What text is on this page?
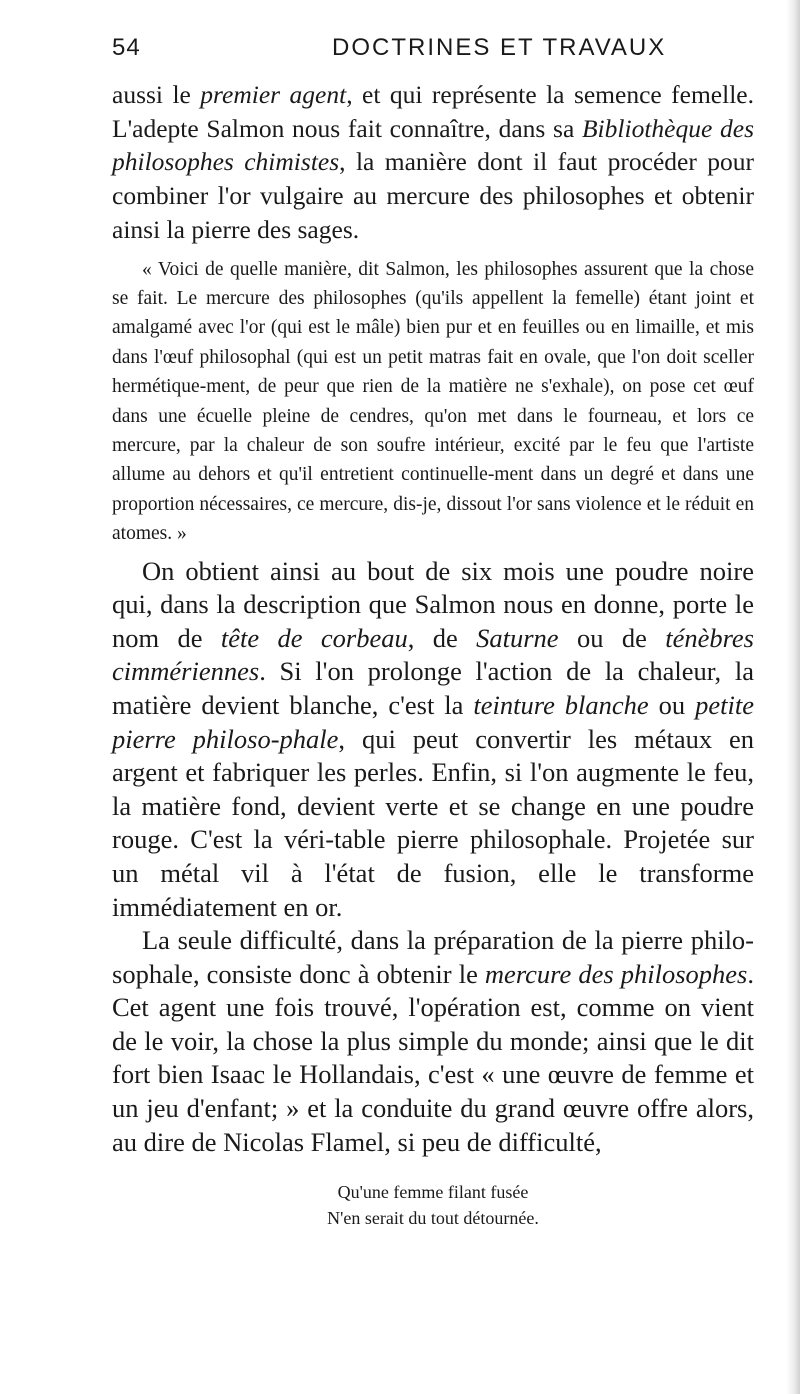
54	DOCTRINES ET TRAVAUX

aussi le premier agent, et qui représente la semence femelle. L'adepte Salmon nous fait connaître, dans sa Bibliothèque des philosophes chimistes, la manière dont il faut procéder pour combiner l'or vulgaire au mercure des philosophes et obtenir ainsi la pierre des sages.

« Voici de quelle manière, dit Salmon, les philosophes assurent que la chose se fait. Le mercure des philosophes (qu'ils appellent la femelle) étant joint et amalgamé avec l'or (qui est le mâle) bien pur et en feuilles ou en limaille, et mis dans l'œuf philosophal (qui est un petit matras fait en ovale, que l'on doit sceller hermétique-ment, de peur que rien de la matière ne s'exhale), on pose cet œuf dans une écuelle pleine de cendres, qu'on met dans le fourneau, et lors ce mercure, par la chaleur de son soufre intérieur, excité par le feu que l'artiste allume au dehors et qu'il entretient continuelle-ment dans un degré et dans une proportion nécessaires, ce mercure, dis-je, dissout l'or sans violence et le réduit en atomes. »

On obtient ainsi au bout de six mois une poudre noire qui, dans la description que Salmon nous en donne, porte le nom de tête de corbeau, de Saturne ou de ténèbres cimmériennes. Si l'on prolonge l'action de la chaleur, la matière devient blanche, c'est la teinture blanche ou petite pierre philoso-phale, qui peut convertir les métaux en argent et fabriquer les perles. Enfin, si l'on augmente le feu, la matière fond, devient verte et se change en une poudre rouge. C'est la véri-table pierre philosophale. Projetée sur un métal vil à l'état de fusion, elle le transforme immédiatement en or.

La seule difficulté, dans la préparation de la pierre philo-sophale, consiste donc à obtenir le mercure des philosophes. Cet agent une fois trouvé, l'opération est, comme on vient de le voir, la chose la plus simple du monde; ainsi que le dit fort bien Isaac le Hollandais, c'est « une œuvre de femme et un jeu d'enfant; » et la conduite du grand œuvre offre alors, au dire de Nicolas Flamel, si peu de difficulté,

Qu'une femme filant fusée
N'en serait du tout détournée.
